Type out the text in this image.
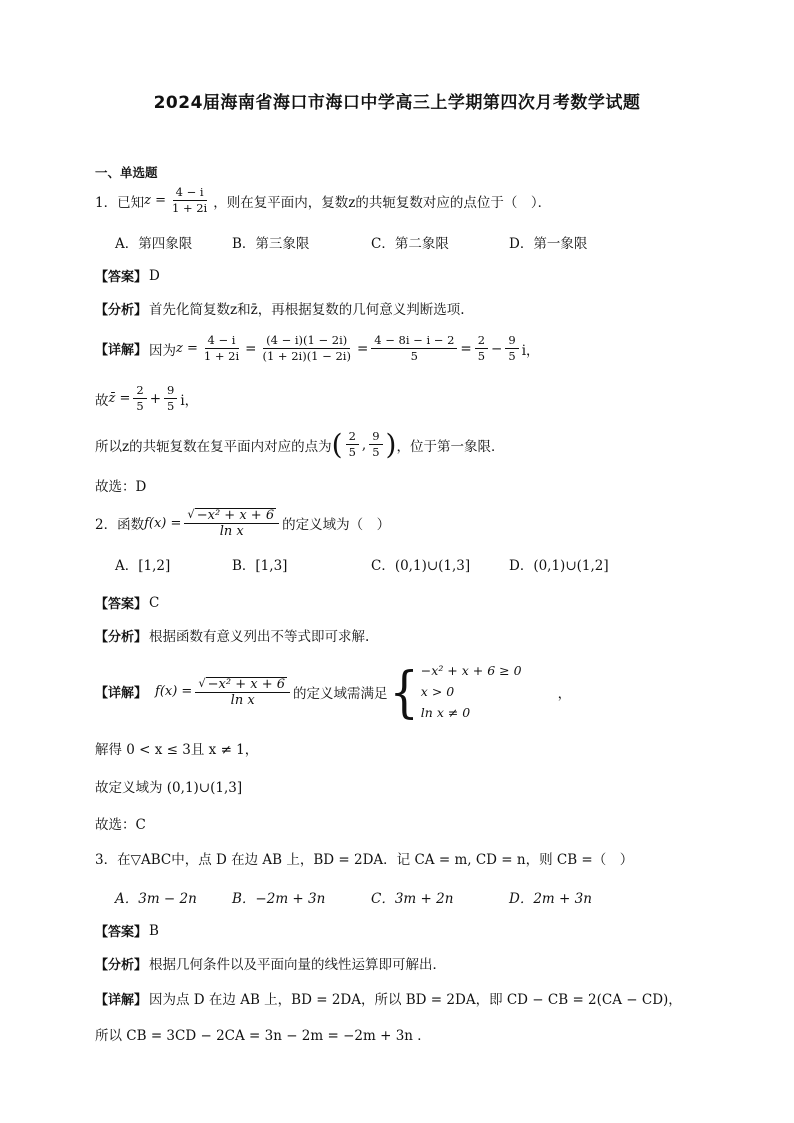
2024届海南省海口市海口中学高三上学期第四次月考数学试题
一、单选题
1．已知 $z = \frac{4 - i}{1 + 2i}$ ，则在复平面内，复数z的共轭复数对应的点位于（　）．
A．第四象限	B．第三象限	C．第二象限	D．第一象限
【答案】 D
【分析】 首先化简复数z和z̄，再根据复数的几何意义判断选项.
【详解】 因为 $z = \frac{4 - i}{1 + 2i} = \frac{(4 - i)(1 - 2i)}{(1 + 2i)(1 - 2i)} = \frac{4 - 8i - i - 2}{5} = \frac{2}{5} - \frac{9}{5}$ i，
故 z̄ = $\frac{2}{5} + \frac{9}{5}$ i，
所以z的共轭复数在复平面内对应的点为 ( $\frac{2}{5}$ , $\frac{9}{5}$ ) ，位于第一象限．
故选：D
2．函数 $f(x) = \frac{\text{√ −x² + x + 6}}{\text{ln x}}$ 的定义域为（　）
A．[1,2]	B．[1,3]	C．(0,1)∪(1,3]	D．(0,1)∪(1,2]
【答案】 C
【分析】 根据函数有意义列出不等式即可求解.
【详解】 $f(x) = \frac{\text{√ −x² + x + 6}}{\text{ln x}}$ 的定义域需满足 { −x² + x + 6 ≥ 0
x > 0
ln x ≠ 0
，
解得 0 < x ≤ 3且 x ≠ 1，
故定义域为 (0,1)∪(1,3]
故选：C
3．在▽ABC中，点 D 在边 AB 上，BD = 2DA．记 CA = m, CD = n，则 CB =（　）
A．3m − 2n	B．−2m + 3n	C．3m + 2n	D．2m + 3n
【答案】 B
【分析】 根据几何条件以及平面向量的线性运算即可解出．
【详解】 因为点 D 在边 AB 上，BD = 2DA，所以 BD = 2DA，即 CD − CB = 2(CA − CD)，
所以 CB = 3CD − 2CA = 3n − 2m = −2m + 3n ．
